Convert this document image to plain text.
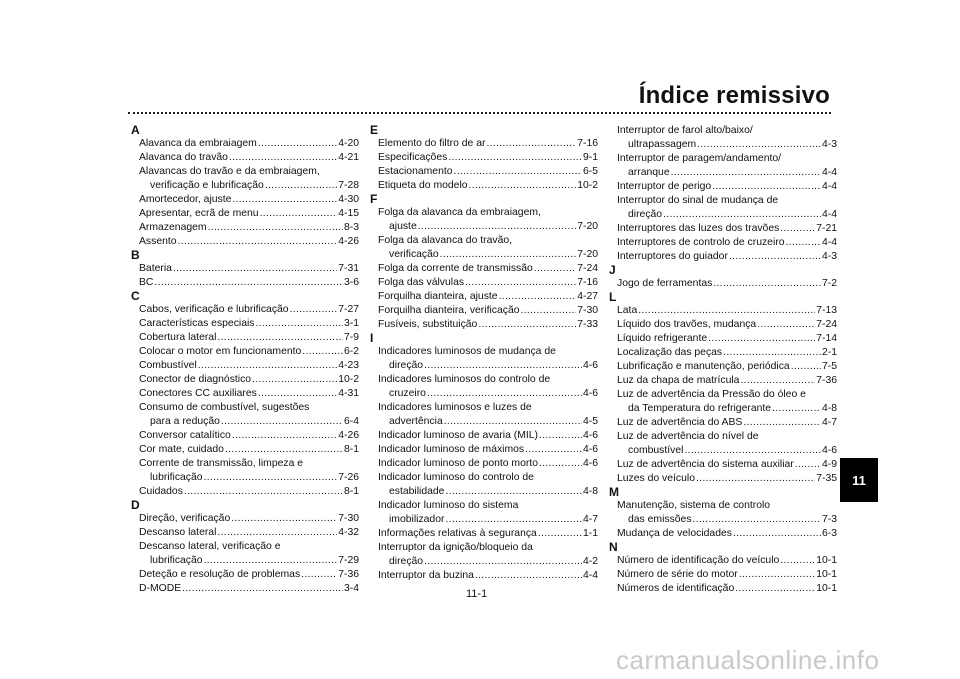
Índice remissivo
A
Alavanca da embraiagem .....	4-20
Alavanca do travão .....	4-21
Alavancas do travão e da embraiagem,
verificação e lubrificação .....	7-28
Amortecedor, ajuste .....	4-30
Apresentar, ecrã de menu .....	4-15
Armazenagem .....	8-3
Assento .....	4-26
B
Bateria .....	7-31
BC .....	3-6
C
Cabos, verificação e lubrificação .....	7-27
Características especiais .....	3-1
Cobertura lateral .....	7-9
Colocar o motor em funcionamento .....	6-2
Combustível .....	4-23
Conector de diagnóstico .....	10-2
Conectores CC auxiliares .....	4-31
Consumo de combustível, sugestões
para a redução .....	6-4
Conversor catalítico .....	4-26
Cor mate, cuidado .....	8-1
Corrente de transmissão, limpeza e
lubrificação .....	7-26
Cuidados .....	8-1
D
Direção, verificação .....	7-30
Descanso lateral .....	4-32
Descanso lateral, verificação e
lubrificação .....	7-29
Deteção e resolução de problemas .....	7-36
D-MODE .....	3-4
E
Elemento do filtro de ar .....	7-16
Especificações .....	9-1
Estacionamento .....	6-5
Etiqueta do modelo .....	10-2
F
Folga da alavanca da embraiagem,
ajuste .....	7-20
Folga da alavanca do travão,
verificação .....	7-20
Folga da corrente de transmissão .....	7-24
Folga das válvulas .....	7-16
Forquilha dianteira, ajuste .....	4-27
Forquilha dianteira, verificação .....	7-30
Fusíveis, substituição .....	7-33
I
Indicadores luminosos de mudança de
direção .....	4-6
Indicadores luminosos do controlo de
cruzeiro .....	4-6
Indicadores luminosos e luzes de
advertência .....	4-5
Indicador luminoso de avaria (MIL) .....	4-6
Indicador luminoso de máximos .....	4-6
Indicador luminoso de ponto morto .....	4-6
Indicador luminoso do controlo de
estabilidade .....	4-8
Indicador luminoso do sistema
imobilizador .....	4-7
Informações relativas à segurança .....	1-1
Interruptor da ignição/bloqueio da
direção .....	4-2
Interruptor da buzina .....	4-4
Interruptor de farol alto/baixo/
ultrapassagem .....	4-3
Interruptor de paragem/andamento/
arranque .....	4-4
Interruptor de perigo .....	4-4
Interruptor do sinal de mudança de
direção .....	4-4
Interruptores das luzes dos travões .....	7-21
Interruptores de controlo de cruzeiro .....	4-4
Interruptores do guiador .....	4-3
J
Jogo de ferramentas .....	7-2
L
Lata .....	7-13
Líquido dos travões, mudança .....	7-24
Líquido refrigerante .....	7-14
Localização das peças .....	2-1
Lubrificação e manutenção, periódica .....	7-5
Luz da chapa de matrícula .....	7-36
Luz de advertência da Pressão do óleo e
da Temperatura do refrigerante .....	4-8
Luz de advertência do ABS .....	4-7
Luz de advertência do nível de
combustível .....	4-6
Luz de advertência do sistema auxiliar .....	4-9
Luzes do veículo .....	7-35
M
Manutenção, sistema de controlo
das emissões .....	7-3
Mudança de velocidades .....	6-3
N
Número de identificação do veículo .....	10-1
Número de série do motor .....	10-1
Números de identificação .....	10-1
11
11-1
carmanualsonline.info
